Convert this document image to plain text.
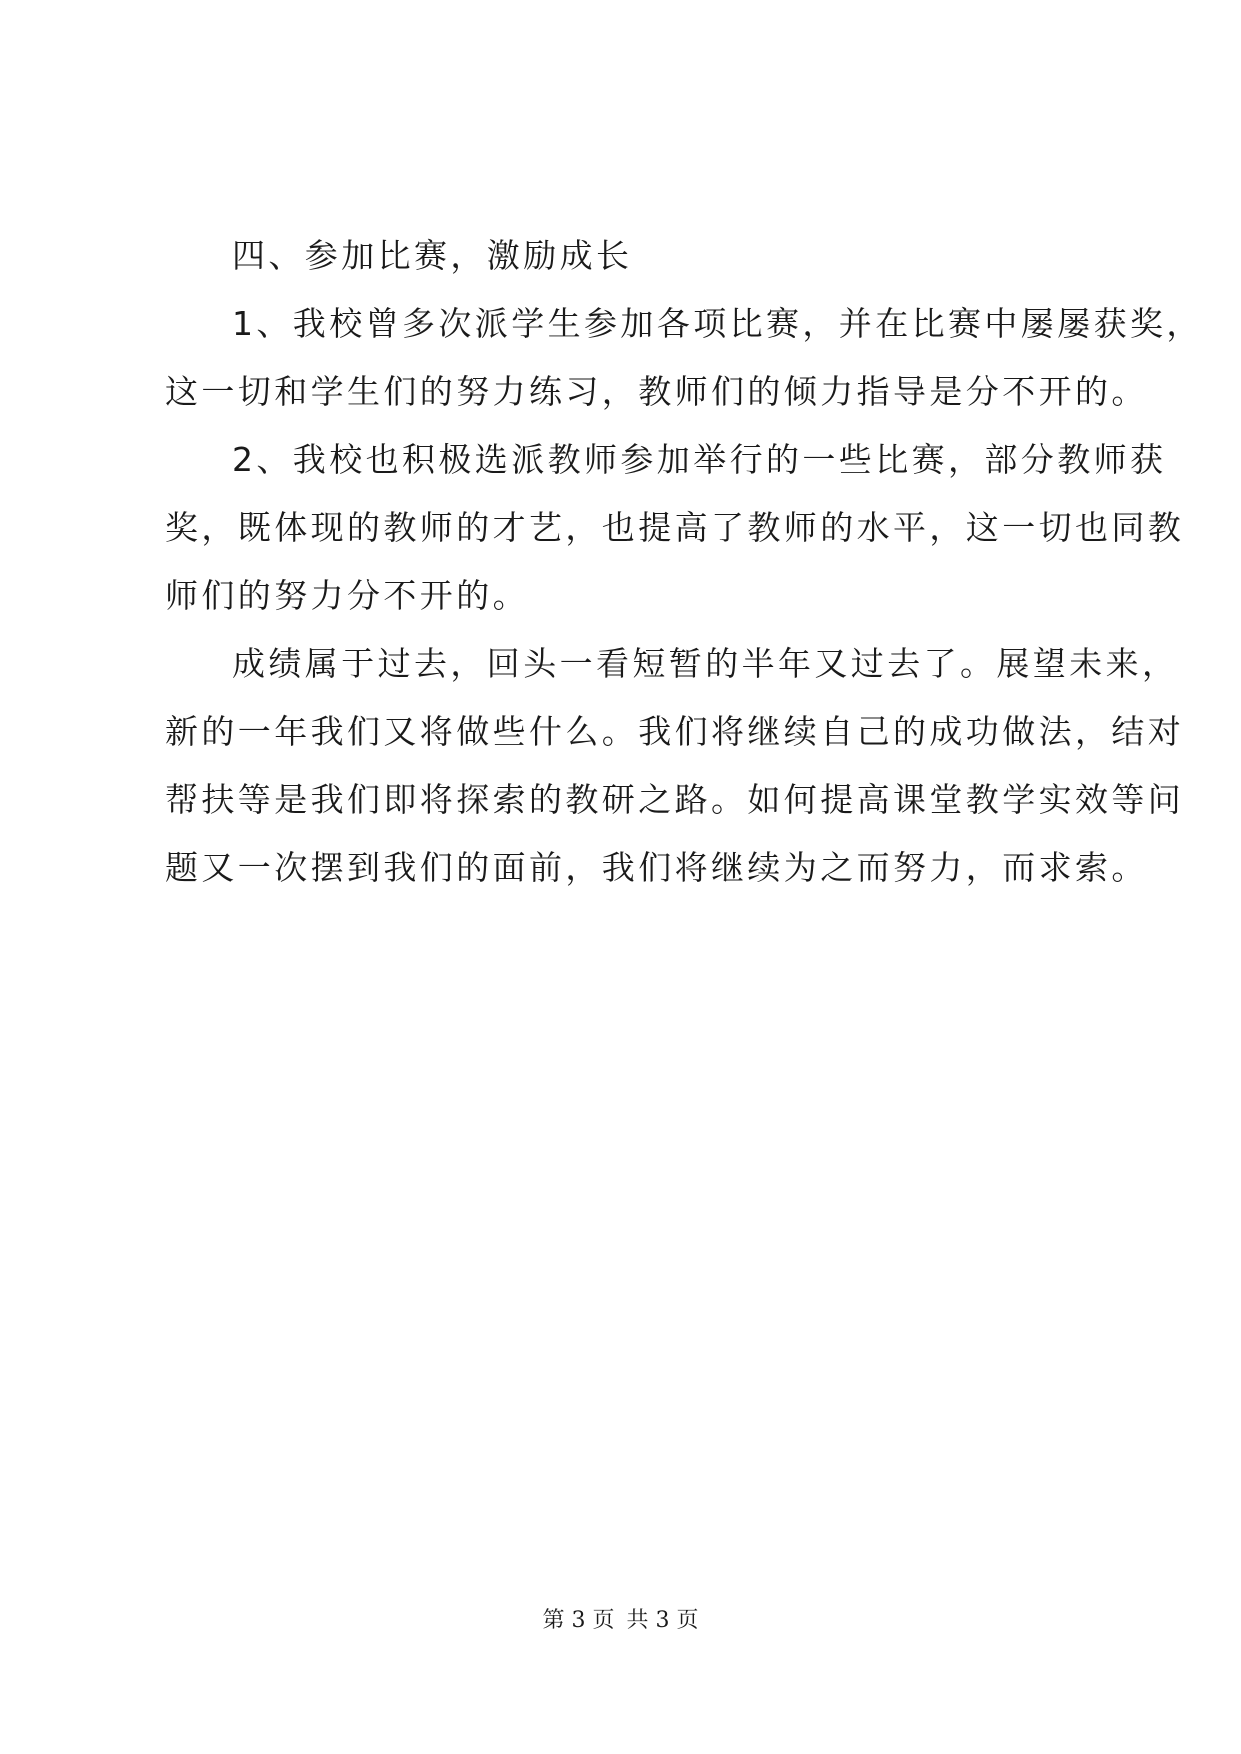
四、参加比赛，激励成长
1、我校曾多次派学生参加各项比赛，并在比赛中屡屡获奖，
这一切和学生们的努力练习，教师们的倾力指导是分不开的。
2、我校也积极选派教师参加举行的一些比赛，部分教师获
奖，既体现的教师的才艺，也提高了教师的水平，这一切也同教
师们的努力分不开的。
成绩属于过去，回头一看短暂的半年又过去了。展望未来，
新的一年我们又将做些什么。我们将继续自己的成功做法，结对
帮扶等是我们即将探索的教研之路。如何提高课堂教学实效等问
题又一次摆到我们的面前，我们将继续为之而努力，而求索。
第 3 页 共 3 页
